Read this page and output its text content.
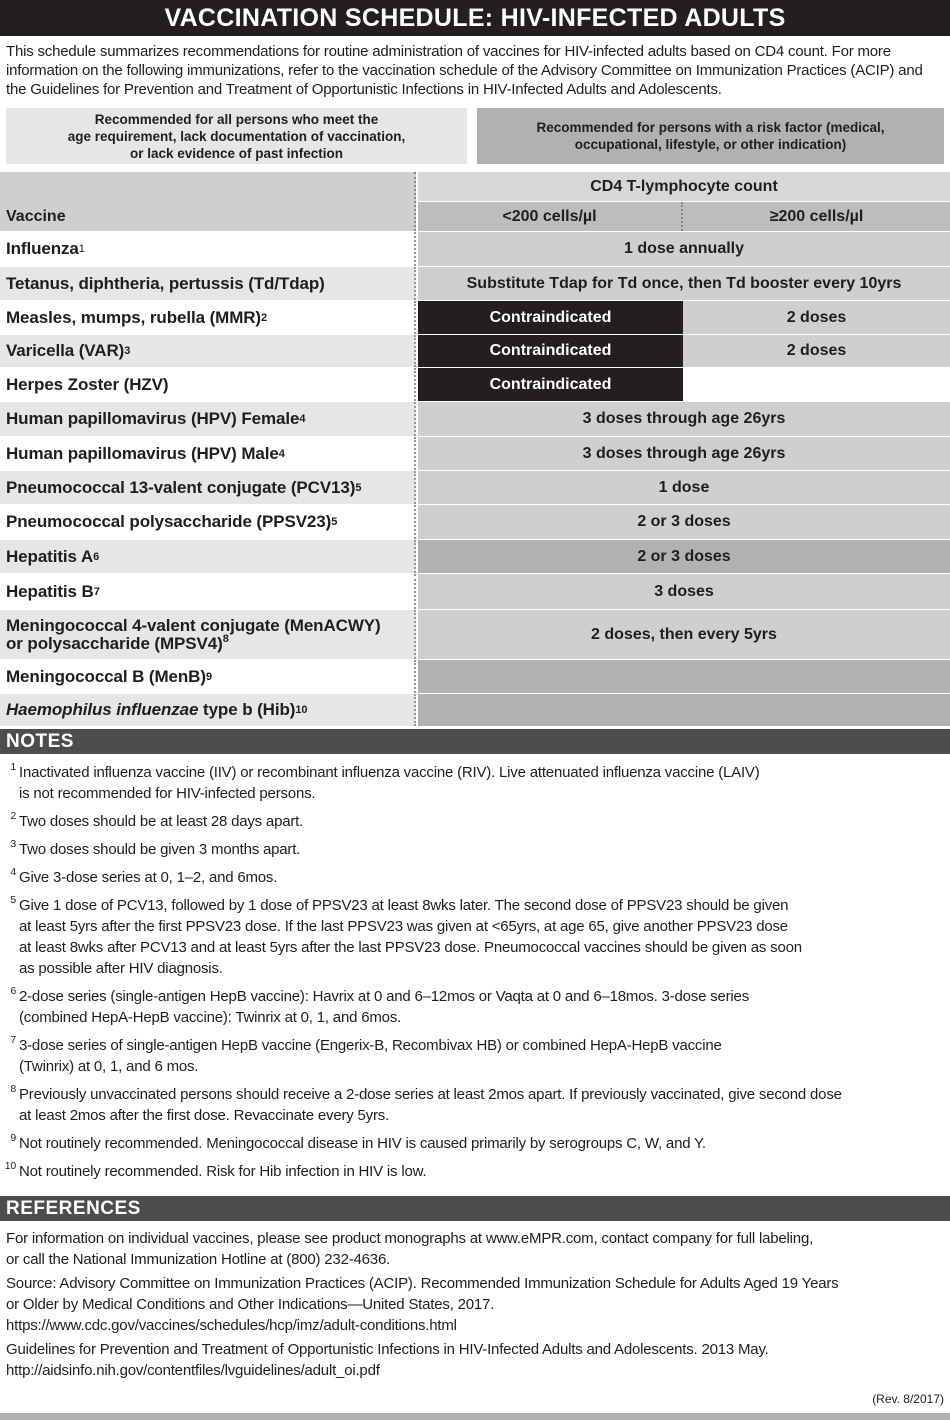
VACCINATION SCHEDULE: HIV-INFECTED ADULTS
This schedule summarizes recommendations for routine administration of vaccines for HIV-infected adults based on CD4 count. For more information on the following immunizations, refer to the vaccination schedule of the Advisory Committee on Immunization Practices (ACIP) and the Guidelines for Prevention and Treatment of Opportunistic Infections in HIV-Infected Adults and Adolescents.
Recommended for all persons who meet the
age requirement, lack documentation of vaccination,
or lack evidence of past infection
Recommended for persons with a risk factor (medical,
occupational, lifestyle, or other indication)
Vaccine
CD4 T-lymphocyte count
<200 cells/µl	≥200 cells/µl
Influenza 1	1 dose annually
Tetanus, diphtheria, pertussis (Td/Tdap)	Substitute Tdap for Td once, then Td booster every 10yrs
Measles, mumps, rubella (MMR) 2	Contraindicated	2 doses
Varicella (VAR) 3	Contraindicated	2 doses
Herpes Zoster (HZV)	Contraindicated
Human papillomavirus (HPV) Female 4	3 doses through age 26yrs
Human papillomavirus (HPV) Male 4	3 doses through age 26yrs
Pneumococcal 13-valent conjugate (PCV13) 5	1 dose
Pneumococcal polysaccharide (PPSV23) 5	2 or 3 doses
Hepatitis A 6	2 or 3 doses
Hepatitis B 7	3 doses
Meningococcal 4-valent conjugate (MenACWY)
or polysaccharide (MPSV4)$^8$	2 doses, then every 5yrs
Meningococcal B (MenB) 9
Haemophilus influenzae type b (Hib) 10
NOTES
1 Inactivated influenza vaccine (IIV) or recombinant influenza vaccine (RIV). Live attenuated influenza vaccine (LAIV)
is not recommended for HIV-infected persons.
2 Two doses should be at least 28 days apart.
3 Two doses should be given 3 months apart.
4 Give 3-dose series at 0, 1–2, and 6mos.
5 Give 1 dose of PCV13, followed by 1 dose of PPSV23 at least 8wks later. The second dose of PPSV23 should be given
at least 5yrs after the first PPSV23 dose. If the last PPSV23 was given at <65yrs, at age 65, give another PPSV23 dose
at least 8wks after PCV13 and at least 5yrs after the last PPSV23 dose. Pneumococcal vaccines should be given as soon
as possible after HIV diagnosis.
6 2-dose series (single-antigen HepB vaccine): Havrix at 0 and 6–12mos or Vaqta at 0 and 6–18mos. 3-dose series
(combined HepA-HepB vaccine): Twinrix at 0, 1, and 6mos.
7 3-dose series of single-antigen HepB vaccine (Engerix-B, Recombivax HB) or combined HepA-HepB vaccine
(Twinrix) at 0, 1, and 6 mos.
8 Previously unvaccinated persons should receive a 2-dose series at least 2mos apart. If previously vaccinated, give second dose
at least 2mos after the first dose. Revaccinate every 5yrs.
9 Not routinely recommended. Meningococcal disease in HIV is caused primarily by serogroups C, W, and Y.
10 Not routinely recommended. Risk for Hib infection in HIV is low.
REFERENCES

For information on individual vaccines, please see product monographs at www.eMPR.com, contact company for full labeling,
or call the National Immunization Hotline at (800) 232-4636.

Source: Advisory Committee on Immunization Practices (ACIP). Recommended Immunization Schedule for Adults Aged 19 Years
or Older by Medical Conditions and Other Indications—United States, 2017.
https://www.cdc.gov/vaccines/schedules/hcp/imz/adult-conditions.html

Guidelines for Prevention and Treatment of Opportunistic Infections in HIV-Infected Adults and Adolescents. 2013 May.
http://aidsinfo.nih.gov/contentfiles/lvguidelines/adult_oi.pdf

(Rev. 8/2017)
